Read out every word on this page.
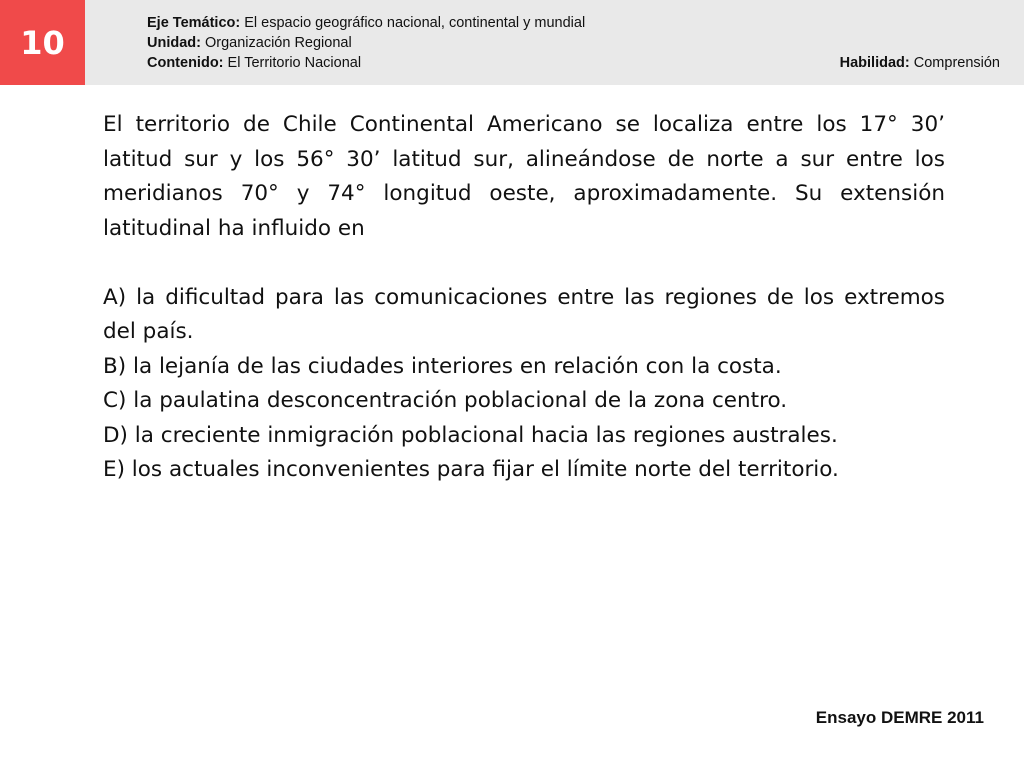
10
Eje Temático: El espacio geográfico nacional, continental y mundial
Unidad: Organización Regional
Contenido: El Territorio Nacional	Habilidad: Comprensión

El territorio de Chile Continental Americano se localiza entre los 17° 30’ latitud sur y los 56° 30’ latitud sur, alineándose de norte a sur entre los meridianos 70° y 74° longitud oeste, aproximadamente. Su extensión latitudinal ha influido en

A) la dificultad para las comunicaciones entre las regiones de los extremos del país.

B) la lejanía de las ciudades interiores en relación con la costa.

C) la paulatina desconcentración poblacional de la zona centro.

D) la creciente inmigración poblacional hacia las regiones australes.

E) los actuales inconvenientes para fijar el límite norte del territorio.

Ensayo DEMRE 2011
